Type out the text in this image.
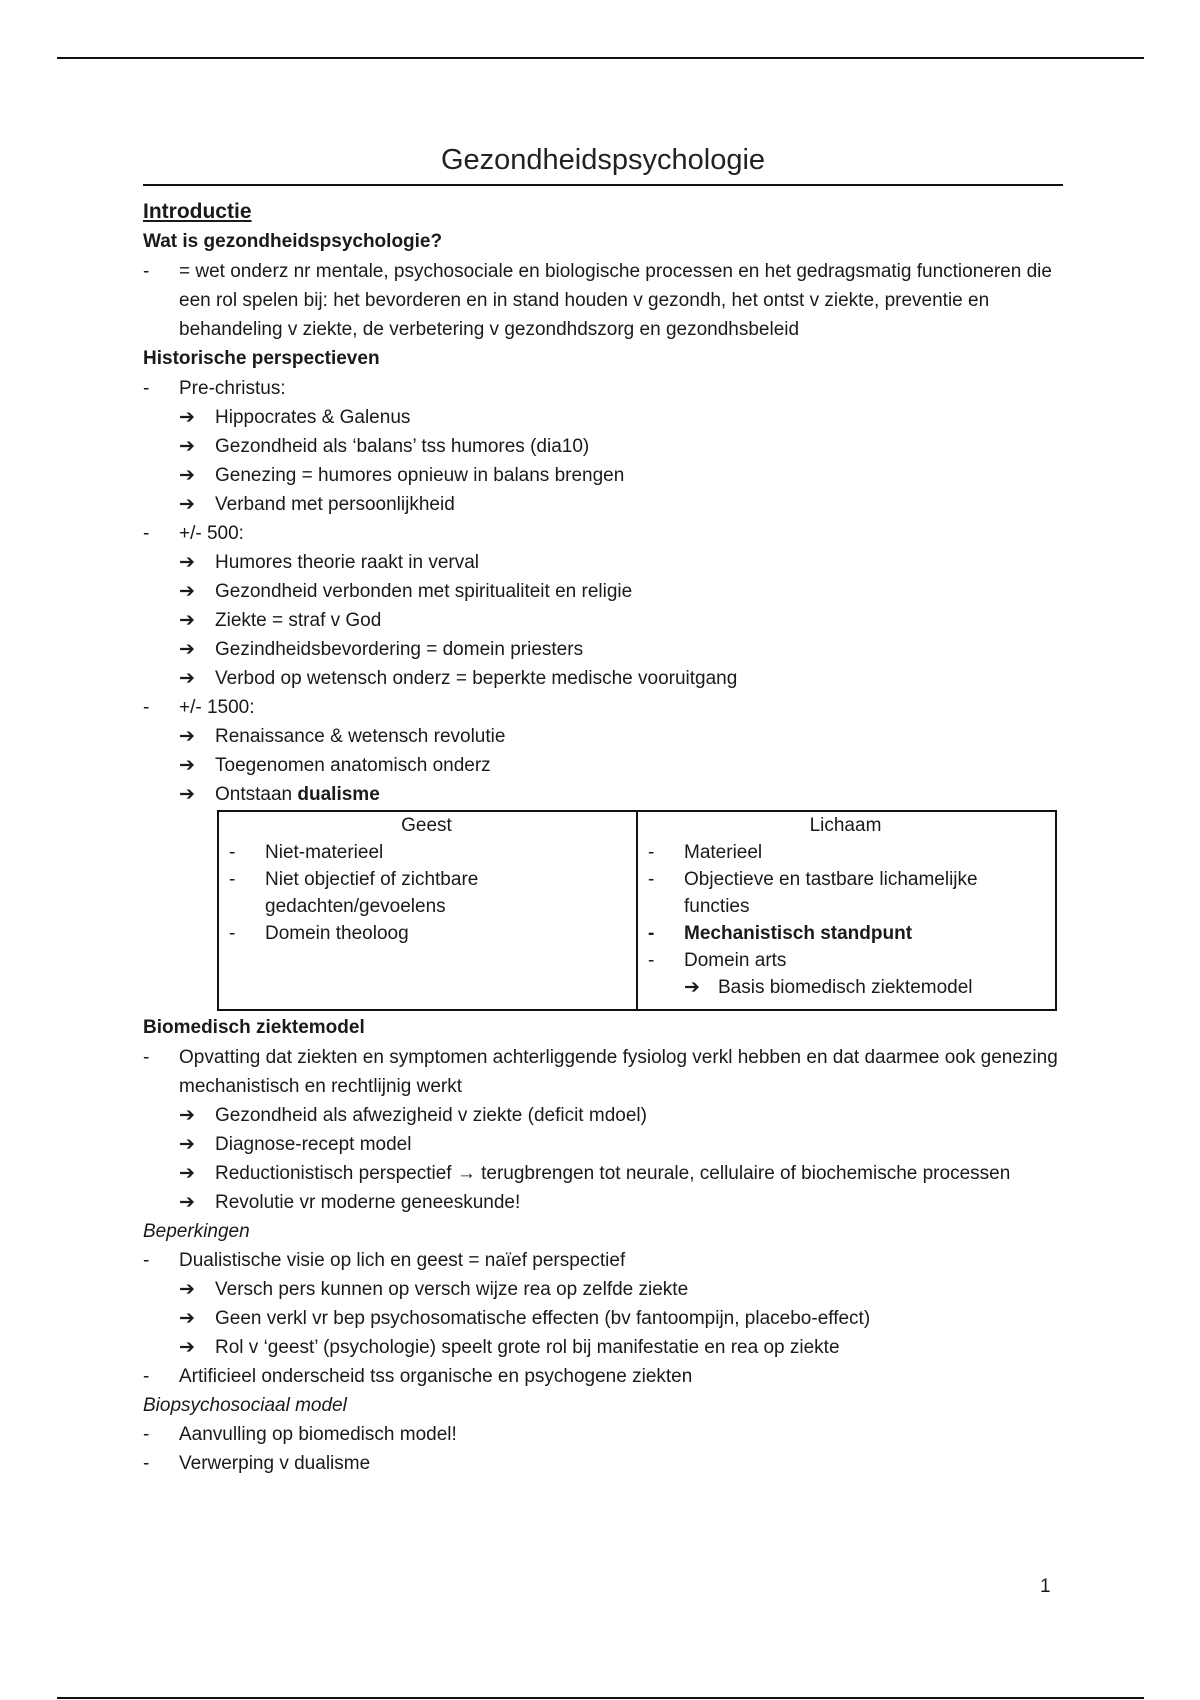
Gezondheidspsychologie
Introductie
Wat is gezondheidspsychologie?
- = wet onderz nr mentale, psychosociale en biologische processen en het gedragsmatig functioneren die een rol spelen bij: het bevorderen en in stand houden v gezondh, het ontst v ziekte, preventie en behandeling v ziekte, de verbetering v gezondhdszorg en gezondhsbeleid
Historische perspectieven
- Pre-christus:
➔ Hippocrates & Galenus
➔ Gezondheid als ‘balans’ tss humores (dia10)
➔ Genezing = humores opnieuw in balans brengen
➔ Verband met persoonlijkheid
- +/- 500:
➔ Humores theorie raakt in verval
➔ Gezondheid verbonden met spiritualiteit en religie
➔ Ziekte = straf v God
➔ Gezindheidsbevordering = domein priesters
➔ Verbod op wetensch onderz = beperkte medische vooruitgang
- +/- 1500:
➔ Renaissance & wetensch revolutie
➔ Toegenomen anatomisch onderz
➔ Ontstaan dualisme
Geest
- Niet-materieel
- Niet objectief of zichtbare gedachten/gevoelens
- Domein theoloog

Lichaam
- Materieel
- Objectieve en tastbare lichamelijke functies
- Mechanistisch standpunt
- Domein arts
➔ Basis biomedisch ziektemodel
Biomedisch ziektemodel
- Opvatting dat ziekten en symptomen achterliggende fysiolog verkl hebben en dat daarmee ook genezing mechanistisch en rechtlijnig werkt
➔ Gezondheid als afwezigheid v ziekte (deficit mdoel)
➔ Diagnose-recept model
➔ Reductionistisch perspectief → terugbrengen tot neurale, cellulaire of biochemische processen
➔ Revolutie vr moderne geneeskunde!
Beperkingen
- Dualistische visie op lich en geest = naïef perspectief
➔ Versch pers kunnen op versch wijze rea op zelfde ziekte
➔ Geen verkl vr bep psychosomatische effecten (bv fantoompijn, placebo-effect)
➔ Rol v ‘geest’ (psychologie) speelt grote rol bij manifestatie en rea op ziekte
- Artificieel onderscheid tss organische en psychogene ziekten
Biopsychosociaal model
- Aanvulling op biomedisch model!
- Verwerping v dualisme
1
